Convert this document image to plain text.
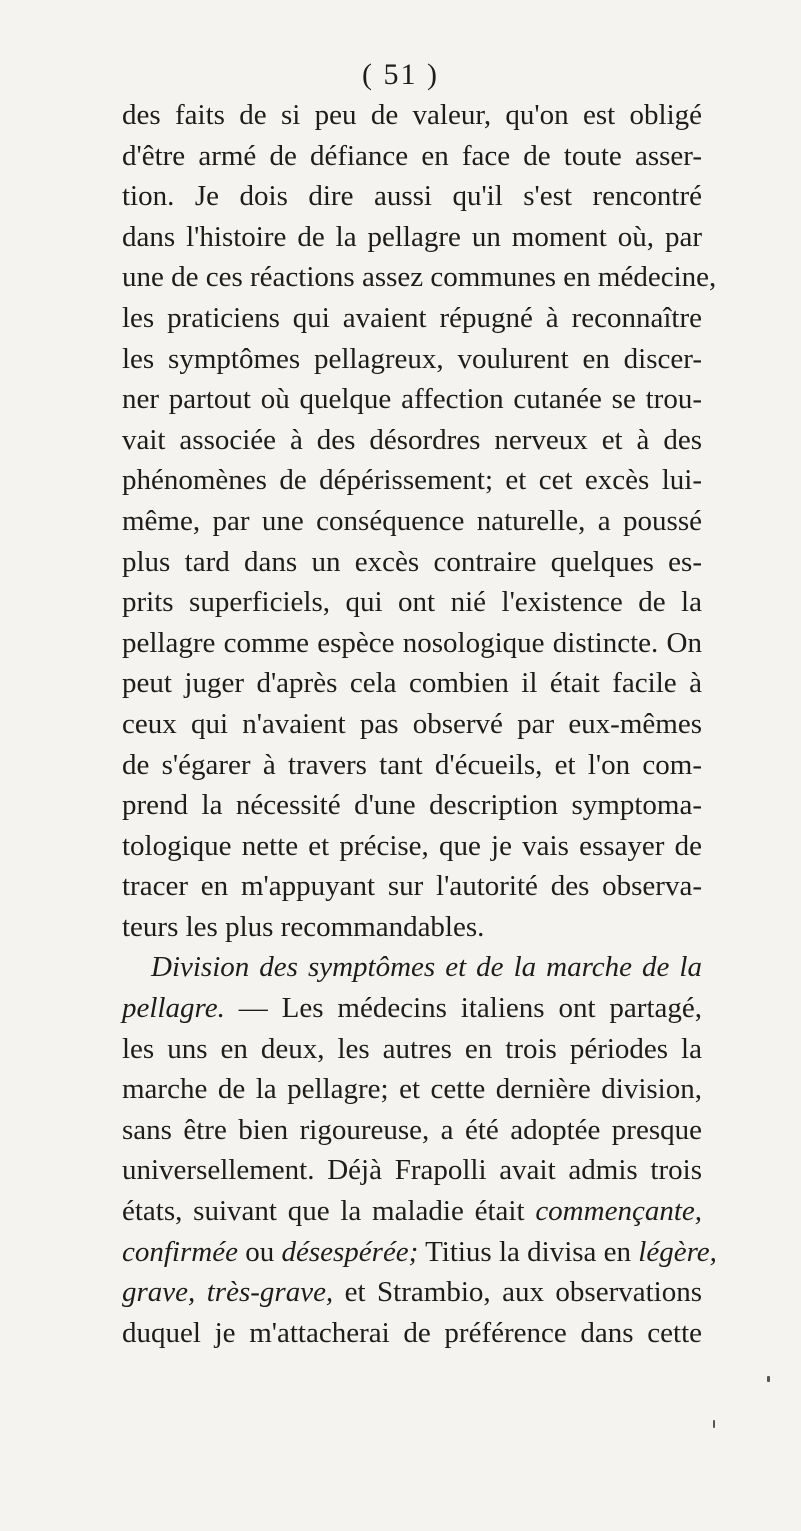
( 51 )
des faits de si peu de valeur, qu'on est obligé
d'être armé de défiance en face de toute asser-
tion. Je dois dire aussi qu'il s'est rencontré
dans l'histoire de la pellagre un moment où, par
une de ces réactions assez communes en médecine,
les praticiens qui avaient répugné à reconnaître
les symptômes pellagreux, voulurent en discer-
ner partout où quelque affection cutanée se trou-
vait associée à des désordres nerveux et à des
phénomènes de dépérissement; et cet excès lui-
même, par une conséquence naturelle, a poussé
plus tard dans un excès contraire quelques es-
prits superficiels, qui ont nié l'existence de la
pellagre comme espèce nosologique distincte. On
peut juger d'après cela combien il était facile à
ceux qui n'avaient pas observé par eux-mêmes
de s'égarer à travers tant d'écueils, et l'on com-
prend la nécessité d'une description symptoma-
tologique nette et précise, que je vais essayer de
tracer en m'appuyant sur l'autorité des observa-
teurs les plus recommandables.
 Division des symptômes et de la marche de la
pellagre. — Les médecins italiens ont partagé,
les uns en deux, les autres en trois périodes la
marche de la pellagre; et cette dernière division,
sans être bien rigoureuse, a été adoptée presque
universellement. Déjà Frapolli avait admis trois
états, suivant que la maladie était commençante,
confirmée ou désespérée; Titius la divisa en légère,
grave, très-grave, et Strambio, aux observations
duquel je m'attacherai de préférence dans cette
